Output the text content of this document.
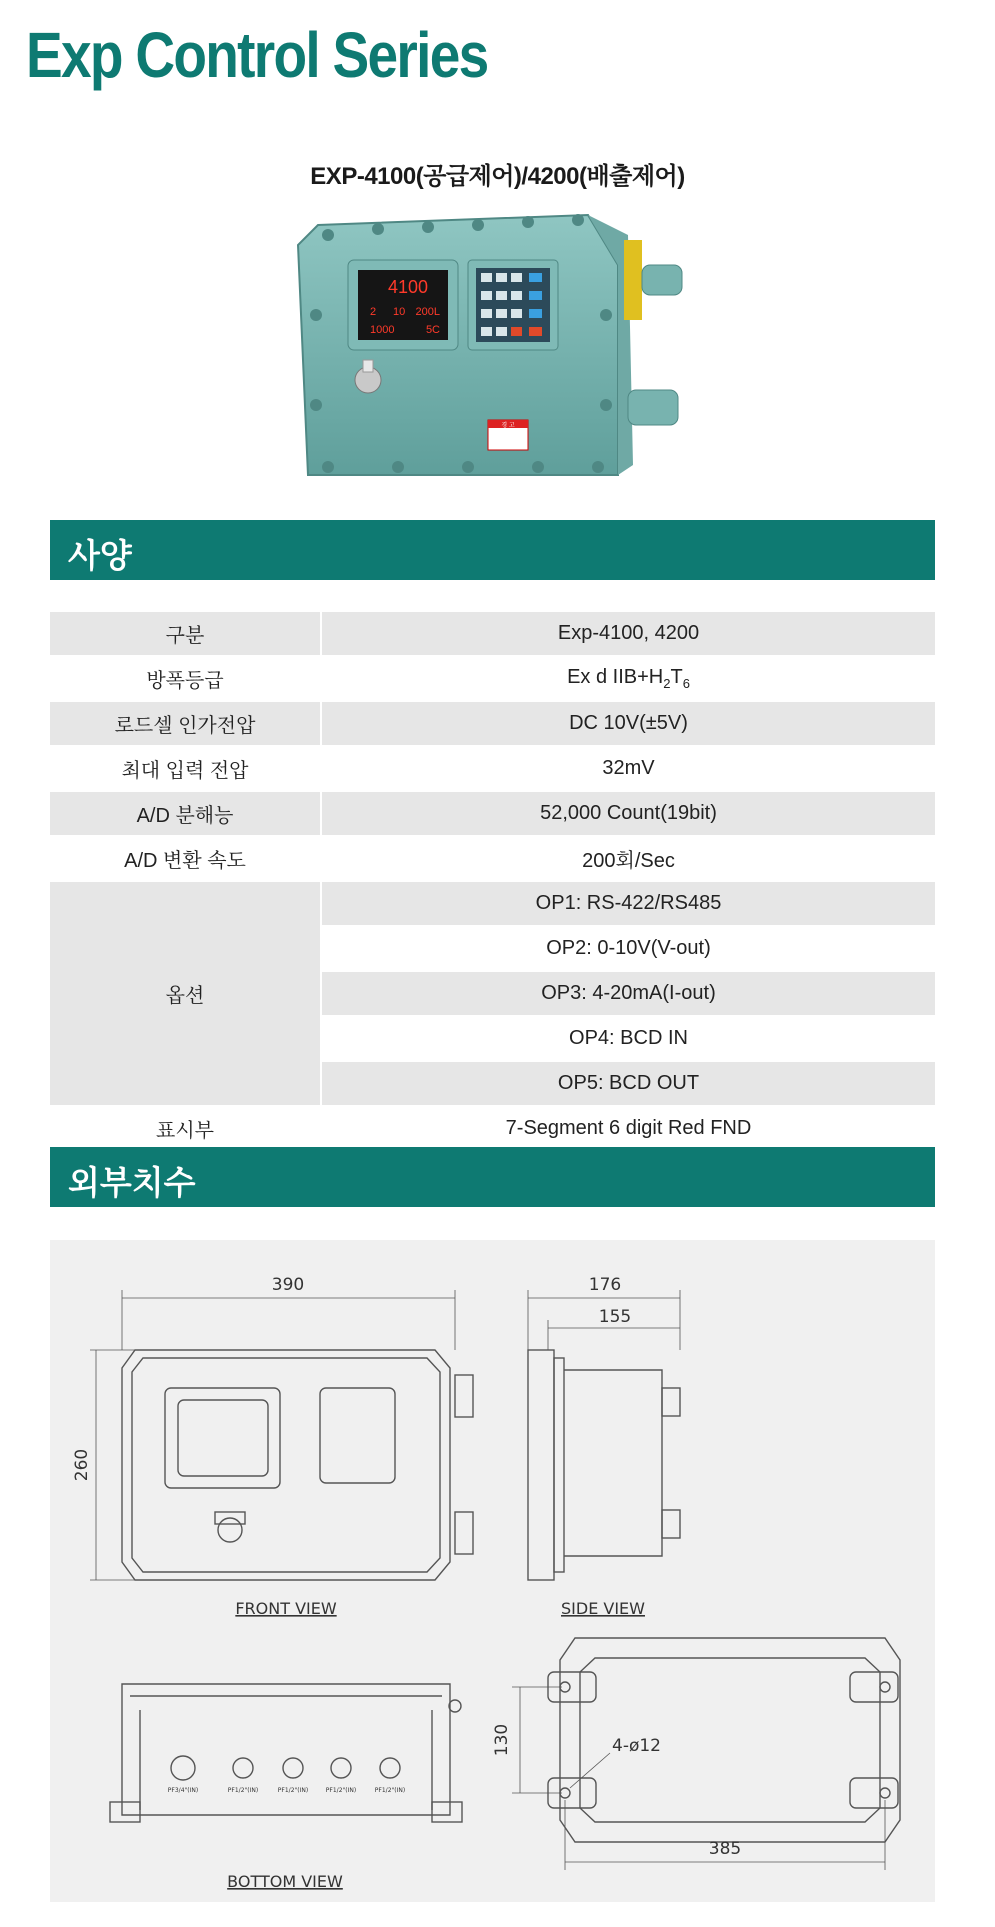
Exp Control Series
EXP-4100(공급제어)/4200(배출제어)
4100
2 10 200L
1000	5C
경 고
사양
구분	Exp-4100, 4200
방폭등급	Ex d $IIB+H_2T_6$
로드셀 인가전압	DC 10V(±5V)
최대 입력 전압	32mV
A/D 분해능	52,000 Count(19bit)
A/D 변환 속도	200회/Sec
옵션	OP1: RS-422/RS485
	OP2: 0-10V(V-out)
	OP3: 4-20mA(I-out)
	OP4: BCD IN
	OP5: BCD OUT
표시부	7-Segment 6 digit Red FND
외부치수
390
260
FRONT VIEW
176
155
SIDE VIEW
PF3/4"(IN)	PF1/2"(IN)	PF1/2"(IN)	PF1/2"(IN)	PF1/2"(IN)
BOTTOM VIEW
130	4-ø12
385
